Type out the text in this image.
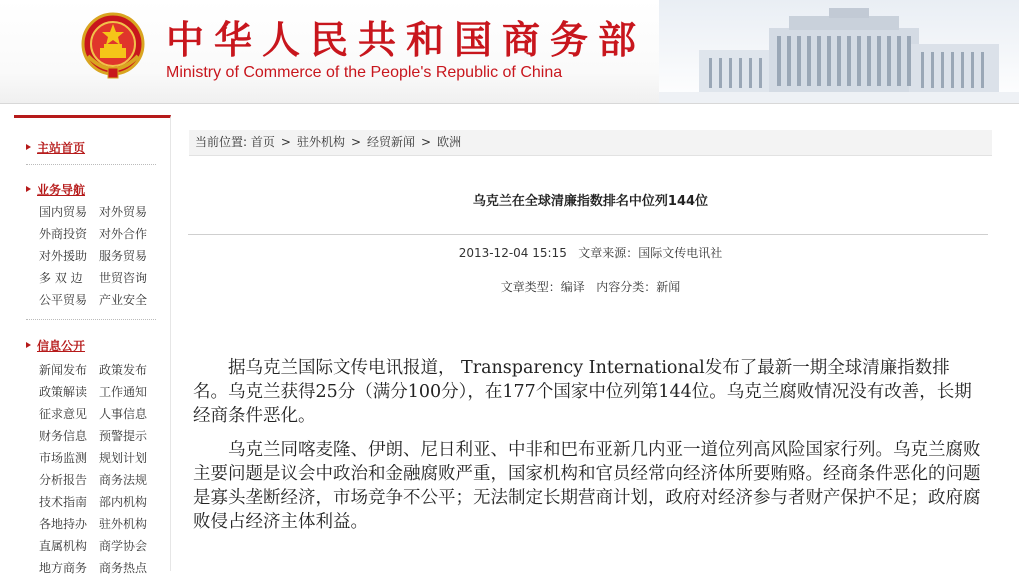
中华人民共和国商务部
Ministry of Commerce of the People's Republic of China
主站首页
业务导航
国内贸易 对外贸易 外商投资 对外合作 对外援助 服务贸易 多 双 边 世贸咨询 公平贸易 产业安全
信息公开
新闻发布 政策发布 政策解读 工作通知 征求意见 人事信息 财务信息 预警提示 市场监测 规划计划 分析报告 商务法规 技术指南 部内机构 各地持办 驻外机构 直属机构 商学协会 地方商务 商务热点
当前位置: 首页 > 驻外机构 > 经贸新闻 > 欧洲
乌克兰在全球清廉指数排名中位列144位
2013-12-04 15:15 文章来源：国际文传电讯社
文章类型：编译 内容分类：新闻

据乌克兰国际文传电讯报道， Transparency International发布了最新一期全球清廉指数排名。乌克兰获得25分（满分100分），在177个国家中位列第144位。乌克兰腐败情况没有改善，长期经商条件恶化。

乌克兰同喀麦隆、伊朗、尼日利亚、中非和巴布亚新几内亚一道位列高风险国家行列。乌克兰腐败主要问题是议会中政治和金融腐败严重，国家机构和官员经常向经济体所要贿赂。经商条件恶化的问题是寡头垄断经济，市场竞争不公平；无法制定长期营商计划，政府对经济参与者财产保护不足；政府腐败侵占经济主体利益。
